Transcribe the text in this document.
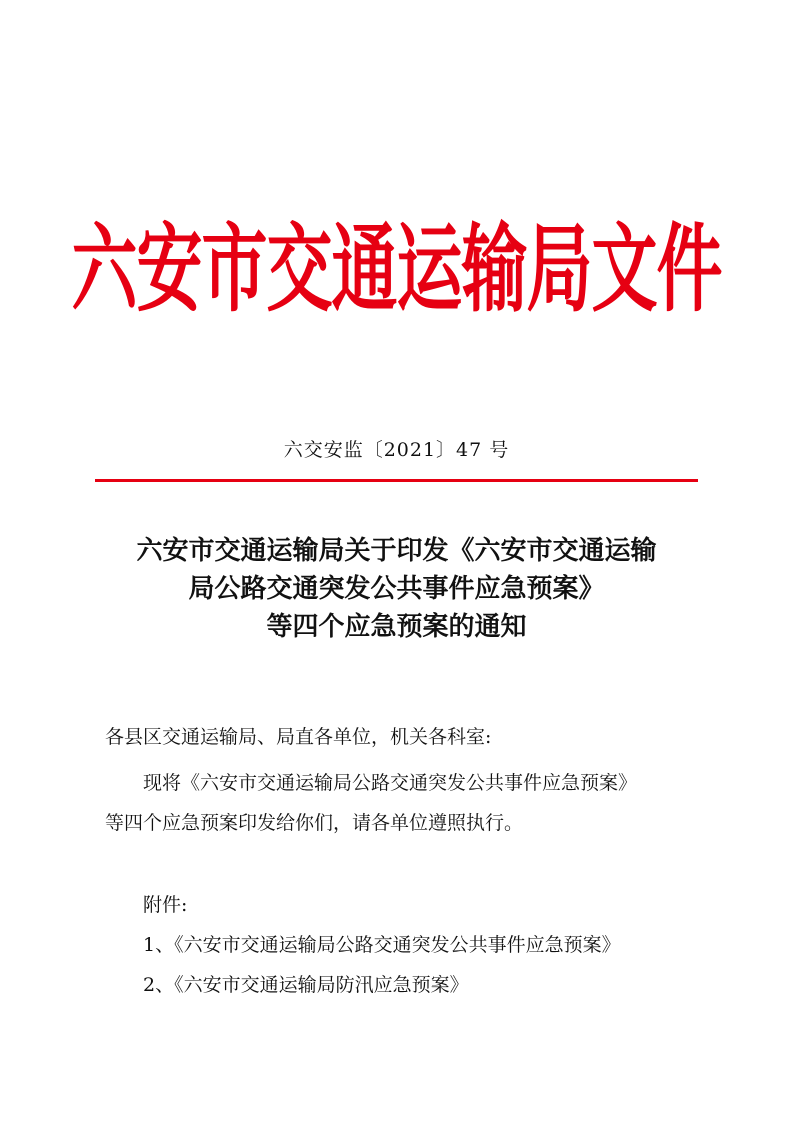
六安市交通运输局文件
六交安监〔2021〕47 号
六安市交通运输局关于印发《六安市交通运输
局公路交通突发公共事件应急预案》
等四个应急预案的通知
各县区交通运输局、局直各单位，机关各科室:
现将《六安市交通运输局公路交通突发公共事件应急预案》
等四个应急预案印发给你们，请各单位遵照执行。
附件:
1、《六安市交通运输局公路交通突发公共事件应急预案》
2、《六安市交通运输局防汛应急预案》
